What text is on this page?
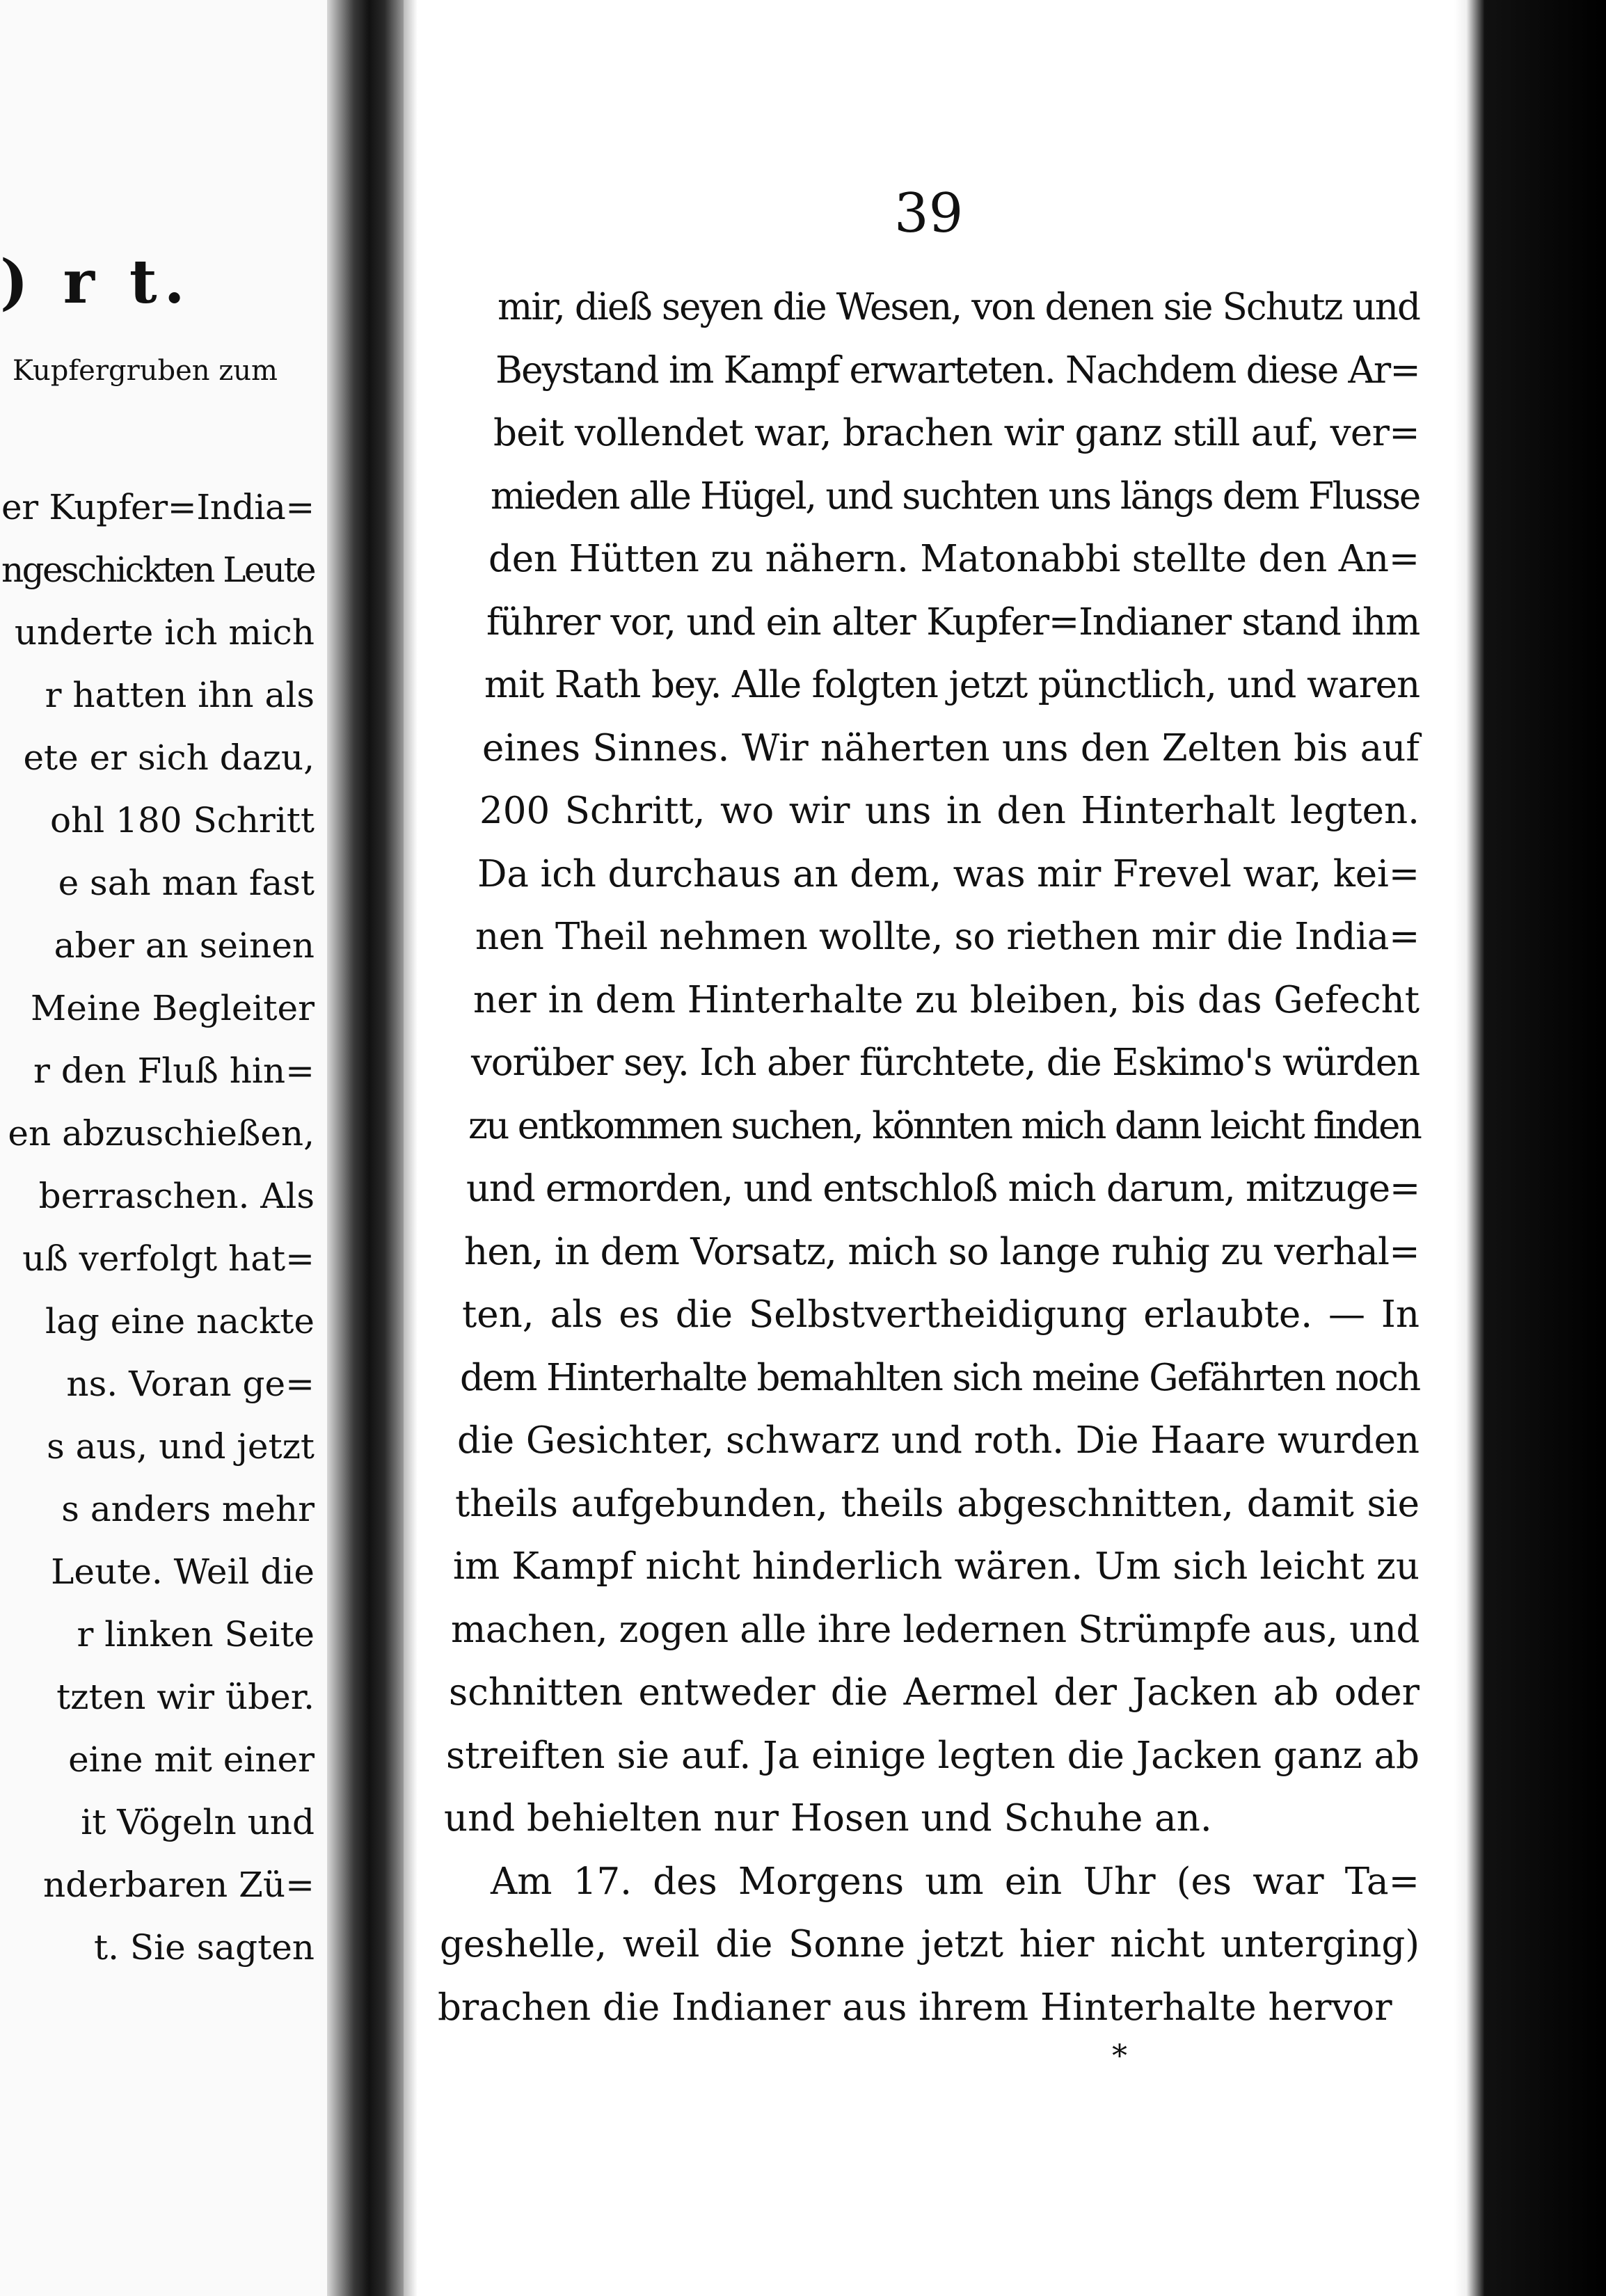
) r t.
Kupfergruben zum
er Kupfer=India=
ngeschickten Leute
underte ich mich
r hatten ihn als
ete er sich dazu,
ohl 180 Schritt
e sah man fast
aber an seinen
Meine Begleiter
r den Fluß hin=
en abzuschießen,
berraschen. Als
uß verfolgt hat=
lag eine nackte
ns. Voran ge=
s aus, und jetzt
s anders mehr
Leute. Weil die
r linken Seite
tzten wir über.
eine mit einer
it Vögeln und
nderbaren Zü=
t. Sie sagten
39
mir, dieß seyen die Wesen, von denen sie Schutz und
Beystand im Kampf erwarteten. Nachdem diese Ar=
beit vollendet war, brachen wir ganz still auf, ver=
mieden alle Hügel, und suchten uns längs dem Flusse
den Hütten zu nähern. Matonabbi stellte den An=
führer vor, und ein alter Kupfer=Indianer stand ihm
mit Rath bey. Alle folgten jetzt pünctlich, und waren
eines Sinnes. Wir näherten uns den Zelten bis auf
200 Schritt, wo wir uns in den Hinterhalt legten.
Da ich durchaus an dem, was mir Frevel war, kei=
nen Theil nehmen wollte, so riethen mir die India=
ner in dem Hinterhalte zu bleiben, bis das Gefecht
vorüber sey. Ich aber fürchtete, die Eskimo's würden
zu entkommen suchen, könnten mich dann leicht finden
und ermorden, und entschloß mich darum, mitzuge=
hen, in dem Vorsatz, mich so lange ruhig zu verhal=
ten, als es die Selbstvertheidigung erlaubte. — In
dem Hinterhalte bemahlten sich meine Gefährten noch
die Gesichter, schwarz und roth. Die Haare wurden
theils aufgebunden, theils abgeschnitten, damit sie
im Kampf nicht hinderlich wären. Um sich leicht zu
machen, zogen alle ihre ledernen Strümpfe aus, und
schnitten entweder die Aermel der Jacken ab oder
streiften sie auf. Ja einige legten die Jacken ganz ab
und behielten nur Hosen und Schuhe an.
Am 17. des Morgens um ein Uhr (es war Ta=
geshelle, weil die Sonne jetzt hier nicht unterging)
brachen die Indianer aus ihrem Hinterhalte hervor
*
